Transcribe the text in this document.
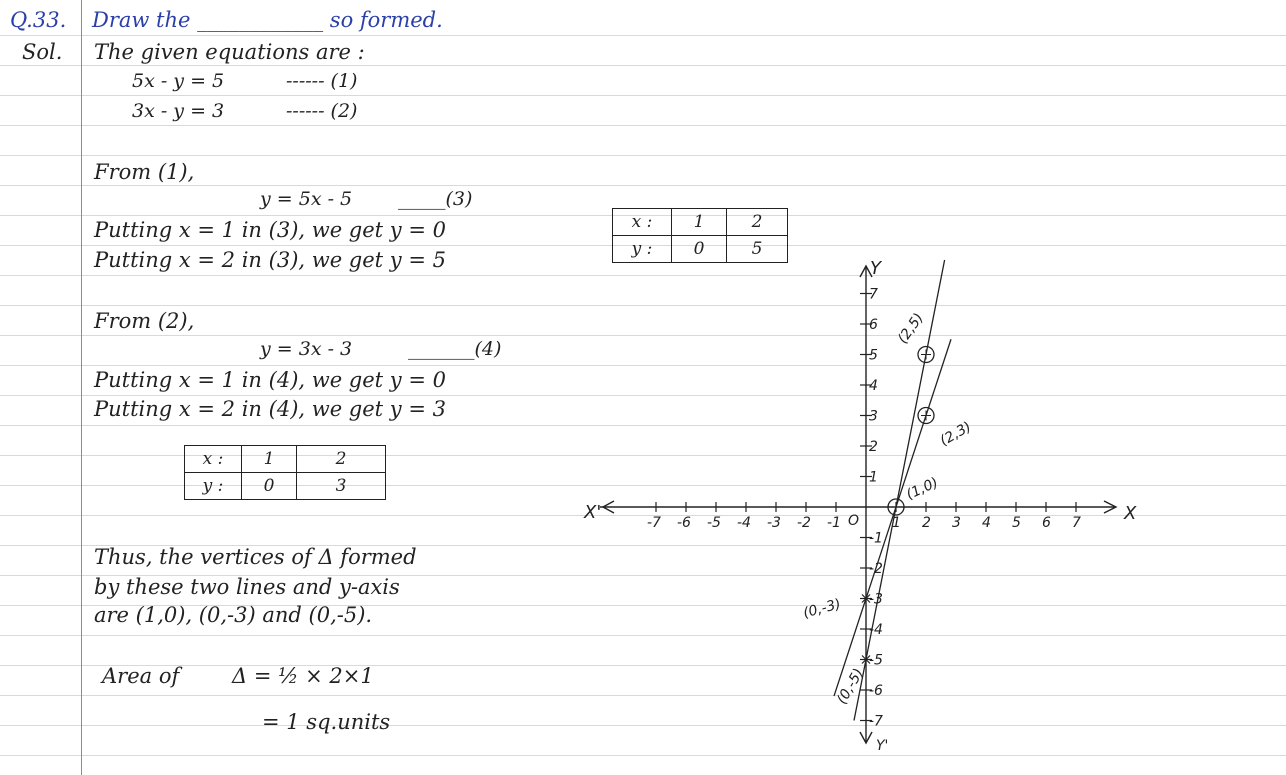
Q.33. Draw the ____________ so formed.
Sol. The given equations are :
5x - y = 5	------ (1)
3x - y = 3	------ (2)
From (1),
y = 5x - 5 _____(3)
Putting x = 1 in (3), we get y = 0
Putting x = 2 in (3), we get y = 5
From (2),
y = 3x - 3	_______(4)
Putting x = 1 in (4), we get y = 0
Putting x = 2 in (4), we get y = 3
x :	1	2
y :	0	3
x :	1	2
y :	0	5
Thus, the vertices of Δ formed
by these two lines and y-axis
are (1,0), (0,-3) and (0,-5).
Area of	Δ = ½ × 2×1
= 1 sq.units
-7 -6 -5 -4 -3 -2 -1	1 2 3 4 5 6 7
7
6
5
4
3
2
1
-1
-2
-3
-4
-5
-6
-7
X
X'
Y
Y'
O
(2,5)
(2,3)
(1,0)
(0,-3)
(0,-5)
